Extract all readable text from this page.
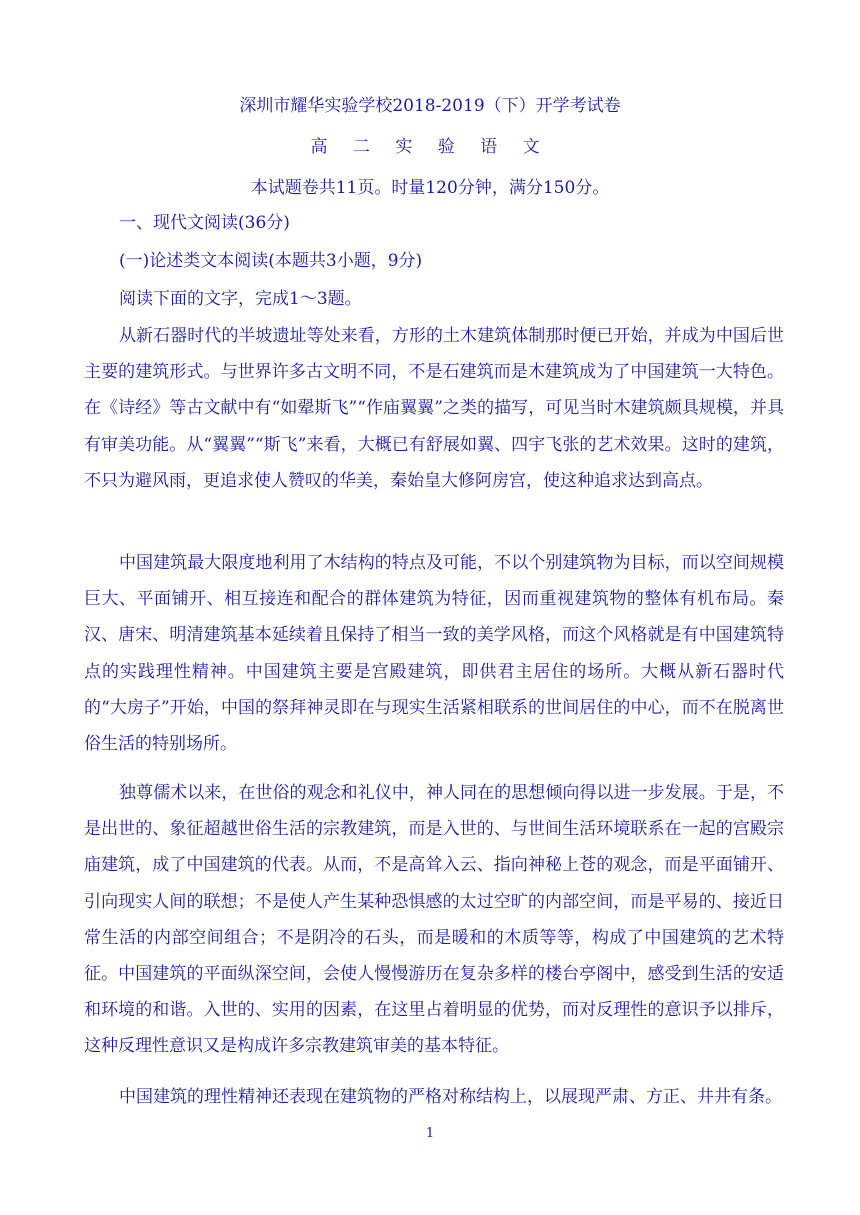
深圳市耀华实验学校2018-2019（下）开学考试卷
高 二 实 验 语 文
本试题卷共11页。时量120分钟，满分150分。
一、现代文阅读(36分)
(一)论述类文本阅读(本题共3小题，9分)
阅读下面的文字，完成1～3题。

从新石器时代的半坡遗址等处来看，方形的土木建筑体制那时便已开始，并成为中国后世主要的建筑形式。与世界许多古文明不同，不是石建筑而是木建筑成为了中国建筑一大特色。在《诗经》等古文献中有“如翚斯飞”“作庙翼翼”之类的描写，可见当时木建筑颇具规模，并具有审美功能。从“翼翼”“斯飞”来看，大概已有舒展如翼、四宇飞张的艺术效果。这时的建筑，不只为避风雨，更追求使人赞叹的华美，秦始皇大修阿房宫，使这种追求达到高点。

中国建筑最大限度地利用了木结构的特点及可能，不以个别建筑物为目标，而以空间规模巨大、平面铺开、相互接连和配合的群体建筑为特征，因而重视建筑物的整体有机布局。秦汉、唐宋、明清建筑基本延续着且保持了相当一致的美学风格，而这个风格就是有中国建筑特点的实践理性精神。中国建筑主要是宫殿建筑，即供君主居住的场所。大概从新石器时代的“大房子”开始，中国的祭拜神灵即在与现实生活紧相联系的世间居住的中心，而不在脱离世俗生活的特别场所。

独尊儒术以来，在世俗的观念和礼仪中，神人同在的思想倾向得以进一步发展。于是，不是出世的、象征超越世俗生活的宗教建筑，而是入世的、与世间生活环境联系在一起的宫殿宗庙建筑，成了中国建筑的代表。从而，不是高耸入云、指向神秘上苍的观念，而是平面铺开、引向现实人间的联想；不是使人产生某种恐惧感的太过空旷的内部空间，而是平易的、接近日常生活的内部空间组合；不是阴冷的石头，而是暖和的木质等等，构成了中国建筑的艺术特征。中国建筑的平面纵深空间，会使人慢慢游历在复杂多样的楼台亭阁中，感受到生活的安适和环境的和谐。入世的、实用的因素，在这里占着明显的优势，而对反理性的意识予以排斥，这种反理性意识又是构成许多宗教建筑审美的基本特征。

中国建筑的理性精神还表现在建筑物的严格对称结构上，以展现严肃、方正、井井有条。

1
